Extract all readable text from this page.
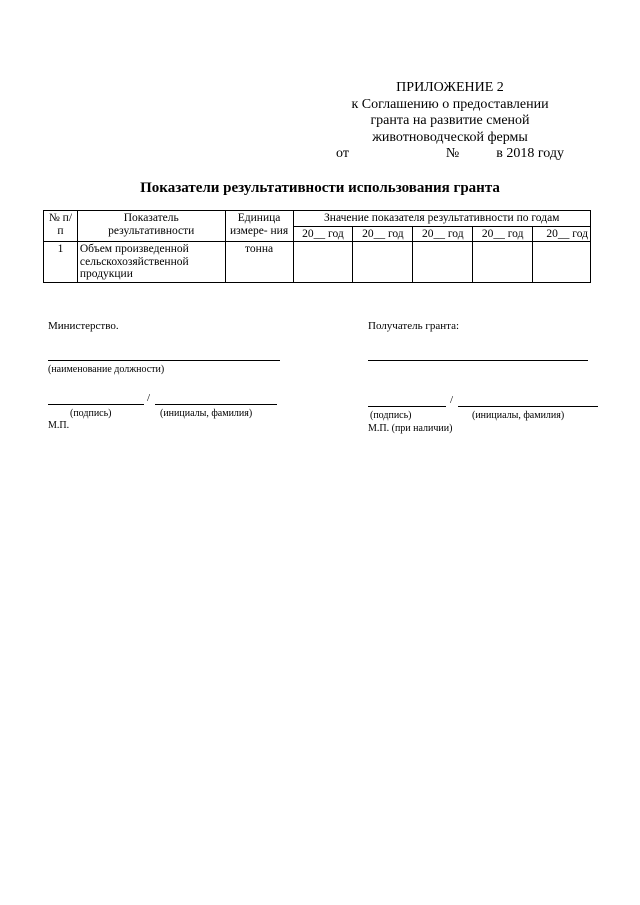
ПРИЛОЖЕНИЕ 2
к Соглашению о предоставлении
гранта на развитие сменой
животноводческой фермы
от	№	в 2018 году
Показатели результативности использования гранта
№ п/п	Показатель результативности	Единица измере- ния	Значение показателя результативности по годам				
			20__ год	20__ год	20__ год	20__ год	20__ год
1	Объем произведенной сельскохозяйственной продукции	тонна					
Министерство.
(наименование должности)
/
(подпись)	(инициалы, фамилия)
М.П.
Получатель гранта:
/
(подпись)	(инициалы, фамилия)
М.П. (при наличии)
